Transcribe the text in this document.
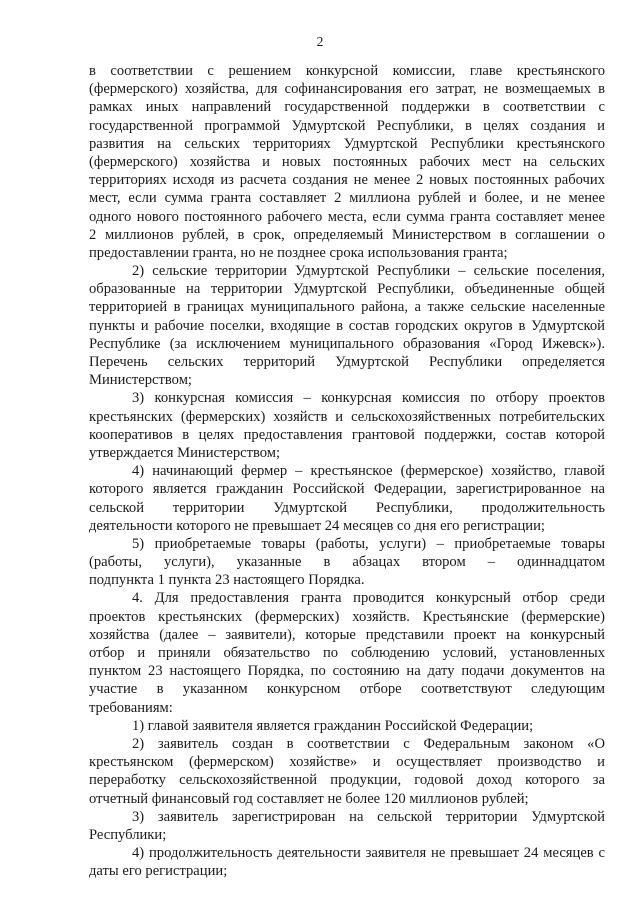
2
в соответствии с решением конкурсной комиссии, главе крестьянского
(фермерского) хозяйства, для софинансирования его затрат, не возмещаемых в
рамках иных направлений государственной поддержки в соответствии с
государственной программой Удмуртской Республики, в целях создания и
развития на сельских территориях Удмуртской Республики крестьянского
(фермерского) хозяйства и новых постоянных рабочих мест на сельских
территориях исходя из расчета создания не менее 2 новых постоянных рабочих
мест, если сумма гранта составляет 2 миллиона рублей и более, и не менее
одного нового постоянного рабочего места, если сумма гранта составляет менее
2 миллионов рублей, в срок, определяемый Министерством в соглашении о
предоставлении гранта, но не позднее срока использования гранта;
2) сельские территории Удмуртской Республики – сельские поселения,
образованные на территории Удмуртской Республики, объединенные общей
территорией в границах муниципального района, а также сельские населенные
пункты и рабочие поселки, входящие в состав городских округов в Удмуртской
Республике (за исключением муниципального образования «Город Ижевск»).
Перечень сельских территорий Удмуртской Республики определяется
Министерством;
3) конкурсная комиссия – конкурсная комиссия по отбору проектов
крестьянских (фермерских) хозяйств и сельскохозяйственных потребительских
кооперативов в целях предоставления грантовой поддержки, состав которой
утверждается Министерством;
4) начинающий фермер – крестьянское (фермерское) хозяйство, главой
которого является гражданин Российской Федерации, зарегистрированное на
сельской территории Удмуртской Республики, продолжительность
деятельности которого не превышает 24 месяцев со дня его регистрации;
5) приобретаемые товары (работы, услуги) – приобретаемые товары
(работы, услуги), указанные в абзацах втором – одиннадцатом
подпункта 1 пункта 23 настоящего Порядка.
4. Для предоставления гранта проводится конкурсный отбор среди
проектов крестьянских (фермерских) хозяйств. Крестьянские (фермерские)
хозяйства (далее – заявители), которые представили проект на конкурсный
отбор и приняли обязательство по соблюдению условий, установленных
пунктом 23 настоящего Порядка, по состоянию на дату подачи документов на
участие в указанном конкурсном отборе соответствуют следующим
требованиям:
1) главой заявителя является гражданин Российской Федерации;
2) заявитель создан в соответствии с Федеральным законом «О
крестьянском (фермерском) хозяйстве» и осуществляет производство и
переработку сельскохозяйственной продукции, годовой доход которого за
отчетный финансовый год составляет не более 120 миллионов рублей;
3) заявитель зарегистрирован на сельской территории Удмуртской
Республики;
4) продолжительность деятельности заявителя не превышает 24 месяцев с
даты его регистрации;
